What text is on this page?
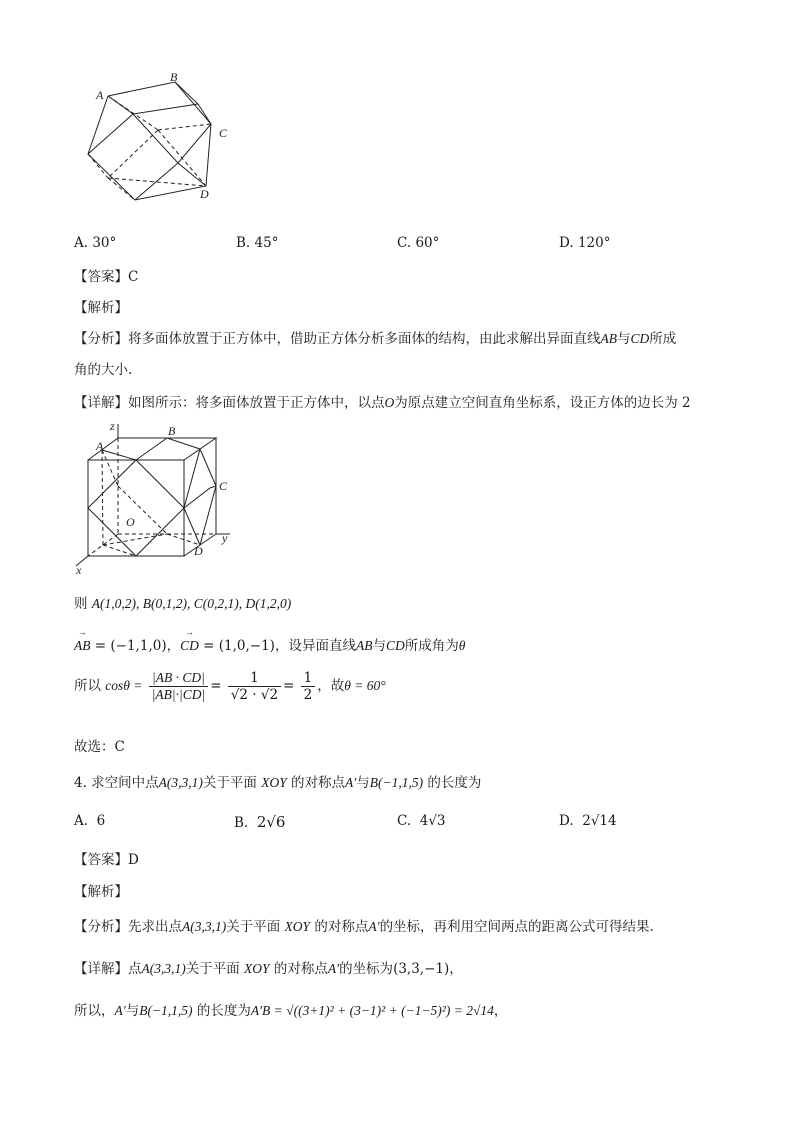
A
B
C
D
A. 30°	B. 45°	C. 60°	D. 120°
【答案】C
【解析】
【分析】将多面体放置于正方体中，借助正方体分析多面体的结构，由此求解出异面直线AB与CD所成
角的大小.
【详解】如图所示：将多面体放置于正方体中，以点O为原点建立空间直角坐标系，设正方体的边长为 2
z
A
B
C
O
D
y
x
则 A(1,0,2), B(0,1,2), C(0,2,1), D(1,2,0)
→ AB = (−1,1,0)，→ CD = (1,0,−1)，设异面直线AB与CD所成角为θ
所以 $\cos\theta = \frac{|AB \cdot CD|}{|AB|\cdot|CD|} = \frac{1}{√2 \cdot √2} = \frac{1}{2}$ ，故θ = 60°
故选：C
4. 求空间中点A(3,3,1)关于平面 XOY 的对称点A′与B(−1,1,5) 的长度为
A. 6	B. 2√6	C. 4√3	D. 2√14
【答案】D
【解析】
【分析】先求出点A(3,3,1)关于平面 XOY 的对称点A′的坐标，再利用空间两点的距离公式可得结果.
【详解】点A(3,3,1)关于平面 XOY 的对称点A′的坐标为(3,3,−1)，
所以，A′与B(−1,1,5) 的长度为A′B = √((3+1)² + (3−1)² + (−1−5)²) = 2√14，
